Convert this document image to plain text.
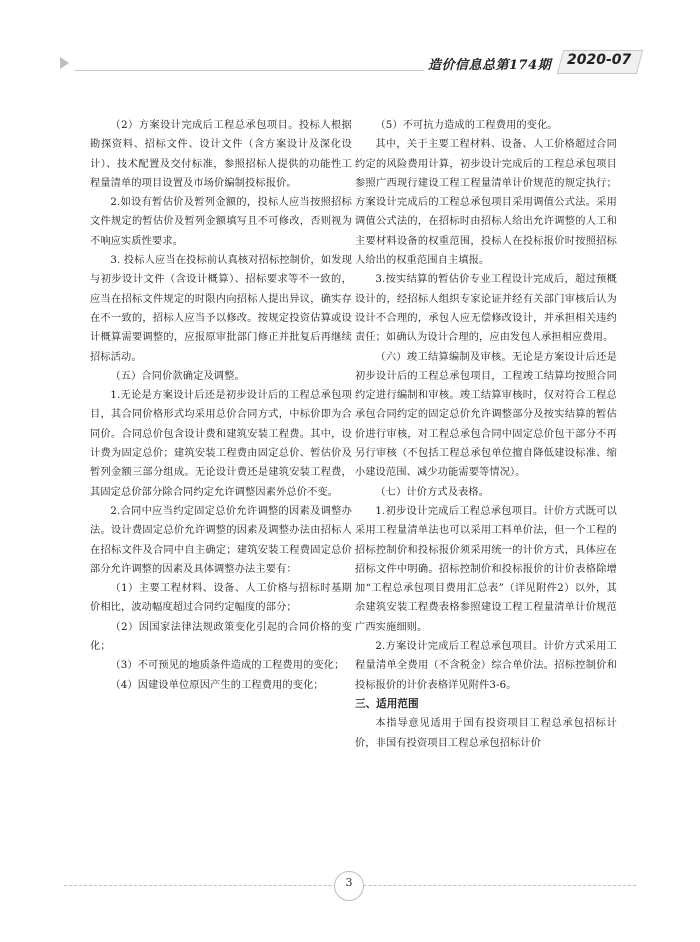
造价信息总第174期 2020-07

（2）方案设计完成后工程总承包项目。投标人根据勘探资料、招标文件、设计文件（含方案设计及深化设计）、技术配置及交付标准，参照招标人提供的功能性工程量清单的项目设置及市场价编制投标报价。

2.如设有暂估价及暂列金额的，投标人应当按照招标文件规定的暂估价及暂列金额填写且不可修改，否则视为不响应实质性要求。

3. 投标人应当在投标前认真核对招标控制价，如发现与初步设计文件（含设计概算）、招标要求等不一致的，应当在招标文件规定的时限内向招标人提出异议，确实存在不一致的，招标人应当予以修改。按规定投资估算或设计概算需要调整的，应报原审批部门修正并批复后再继续招标活动。

（五）合同价款确定及调整。

1.无论是方案设计后还是初步设计后的工程总承包项目，其合同价格形式均采用总价合同方式，中标价即为合同价。合同总价包含设计费和建筑安装工程费。其中，设计费为固定总价；建筑安装工程费由固定总价、暂估价及暂列金额三部分组成。无论设计费还是建筑安装工程费，其固定总价部分除合同约定允许调整因素外总价不变。

2.合同中应当约定固定总价允许调整的因素及调整办法。设计费固定总价允许调整的因素及调整办法由招标人在招标文件及合同中自主确定；建筑安装工程费固定总价部分允许调整的因素及具体调整办法主要有：

（1）主要工程材料、设备、人工价格与招标时基期价相比，波动幅度超过合同约定幅度的部分；

（2）因国家法律法规政策变化引起的合同价格的变化；

（3）不可预见的地质条件造成的工程费用的变化；

（4）因建设单位原因产生的工程费用的变化；

（5）不可抗力造成的工程费用的变化。

其中，关于主要工程材料、设备、人工价格超过合同约定的风险费用计算，初步设计完成后的工程总承包项目参照广西现行建设工程工程量清单计价规范的规定执行；方案设计完成后的工程总承包项目采用调值公式法。采用调值公式法的，在招标时由招标人给出允许调整的人工和主要材料设备的权重范围，投标人在投标报价时按照招标人给出的权重范围自主填报。

3.按实结算的暂估价专业工程设计完成后，超过预概设计的，经招标人组织专家论证并经有关部门审核后认为设计不合理的，承包人应无偿修改设计，并承担相关违约责任；如确认为设计合理的，应由发包人承担相应费用。

（六）竣工结算编制及审核。无论是方案设计后还是初步设计后的工程总承包项目，工程竣工结算均按照合同约定进行编制和审核。竣工结算审核时，仅对符合工程总承包合同约定的固定总价允许调整部分及按实结算的暂估价进行审核，对工程总承包合同中固定总价包干部分不再另行审核（不包括工程总承包单位擅自降低建设标准、缩小建设范围、减少功能需要等情况）。

（七）计价方式及表格。

1.初步设计完成后工程总承包项目。计价方式既可以采用工程量清单法也可以采用工料单价法，但一个工程的招标控制价和投标报价须采用统一的计价方式，具体应在招标文件中明确。招标控制价和投标报价的计价表格除增加“工程总承包项目费用汇总表”（详见附件2）以外，其余建筑安装工程费表格参照建设工程工程量清单计价规范广西实施细则。

2.方案设计完成后工程总承包项目。计价方式采用工程量清单全费用（不含税金）综合单价法。招标控制价和投标报价的计价表格详见附件3-6。

三、适用范围

本指导意见适用于国有投资项目工程总承包招标计价，非国有投资项目工程总承包招标计价

3
